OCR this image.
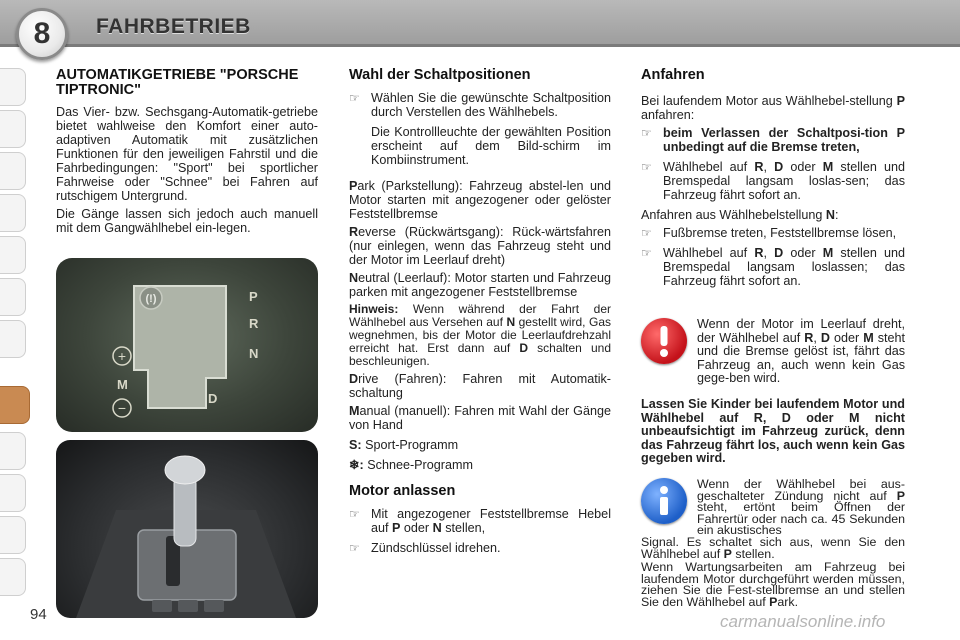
8 FAHRBETRIEB
AUTOMATIKGETRIEBE "PORSCHE TIPTRONIC"

Das Vier- bzw. Sechsgang-Automatik-getriebe bietet wahlweise den Komfort einer auto-adaptiven Automatik mit zusätzlichen Funktionen für den jeweiligen Fahrstil und die Fahrbedingungen: "Sport" bei sportlicher Fahrweise oder "Schnee" bei Fahren auf rutschigem Untergrund.

Die Gänge lassen sich jedoch auch manuell mit dem Gangwählhebel ein-legen.

(!)	P
R
N
D
+
M
−
Wahl der Schaltpositionen
☞ Wählen Sie die gewünschte Schaltposition durch Verstellen des Wählhebels.

Die Kontrollleuchte der gewählten Position erscheint auf dem Bild-schirm im Kombiinstrument.

Park (Parkstellung): Fahrzeug abstel-len und Motor starten mit angezogener oder gelöster Feststellbremse

Reverse (Rückwärtsgang): Rück-wärtsfahren (nur einlegen, wenn das Fahrzeug steht und der Motor im Leerlauf dreht)

Neutral (Leerlauf): Motor starten und Fahrzeug parken mit angezogener Feststellbremse

Hinweis: Wenn während der Fahrt der Wählhebel aus Versehen auf N gestellt wird, Gas wegnehmen, bis der Motor die Leerlaufdrehzahl erreicht hat. Erst dann auf D schalten und beschleunigen.

Drive (Fahren): Fahren mit Automatik-schaltung

Manual (manuell): Fahren mit Wahl der Gänge von Hand

S: Sport-Programm

❄: Schnee-Programm

Motor anlassen
☞ Mit angezogener Feststellbremse Hebel auf P oder N stellen,
☞ Zündschlüssel idrehen.
Anfahren

Bei laufendem Motor aus Wählhebel-stellung P anfahren:

☞ beim Verlassen der Schaltposi-tion P unbedingt auf die Bremse treten,
☞ Wählhebel auf R, D oder M stellen und Bremspedal langsam loslas-sen; das Fahrzeug fährt sofort an.

Anfahren aus Wählhebelstellung N:

☞ Fußbremse treten, Feststellbremse lösen,
☞ Wählhebel auf R, D oder M stellen und Bremspedal langsam loslassen; das Fahrzeug fährt sofort an.
Wenn der Motor im Leerlauf dreht, der Wählhebel auf R, D oder M steht und die Bremse gelöst ist, fährt das Fahrzeug an, auch wenn kein Gas gege-ben wird.
Lassen Sie Kinder bei laufendem Motor und Wählhebel auf R, D oder M nicht unbeaufsichtigt im Fahrzeug zurück, denn das Fahrzeug fährt los, auch wenn kein Gas gegeben wird.
Wenn der Wählhebel bei aus-geschalteter Zündung nicht auf P steht, ertönt beim Öffnen der Fahrertür oder nach ca. 45 Sekunden ein akustisches

Signal. Es schaltet sich aus, wenn Sie den Wählhebel auf P stellen.

Wenn Wartungsarbeiten am Fahrzeug bei laufendem Motor durchgeführt werden müssen, ziehen Sie die Fest-stellbremse an und stellen Sie den Wählhebel auf Park.

94	carmanualsonline.info
